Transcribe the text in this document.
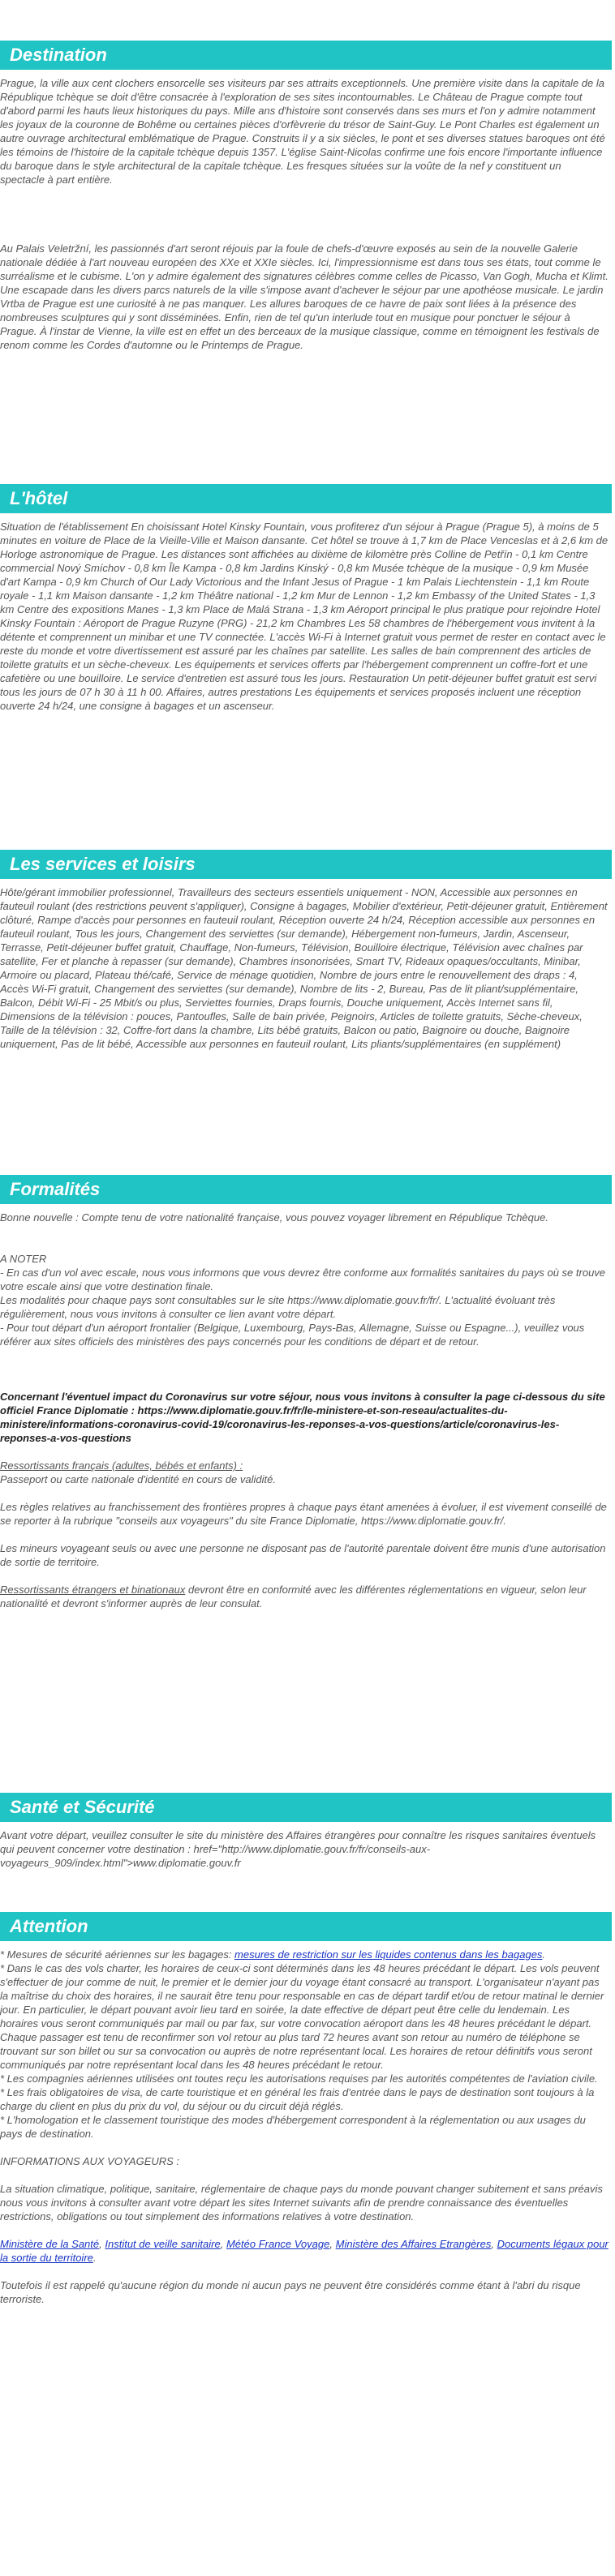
Destination

Prague, la ville aux cent clochers ensorcelle ses visiteurs par ses attraits exceptionnels. Une première visite dans la capitale de la République tchèque se doit d'être consacrée à l'exploration de ses sites incontournables. Le Château de Prague compte tout d'abord parmi les hauts lieux historiques du pays. Mille ans d'histoire sont conservés dans ses murs et l'on y admire notamment les joyaux de la couronne de Bohême ou certaines pièces d'orfèvrerie du trésor de Saint-Guy. Le Pont Charles est également un autre ouvrage architectural emblématique de Prague. Construits il y a six siècles, le pont et ses diverses statues baroques ont été les témoins de l'histoire de la capitale tchèque depuis 1357. L'église Saint-Nicolas confirme une fois encore l'importante influence du baroque dans le style architectural de la capitale tchèque. Les fresques situées sur la voûte de la nef y constituent un spectacle à part entière.

Au Palais Veletržní, les passionnés d'art seront réjouis par la foule de chefs-d'œuvre exposés au sein de la nouvelle Galerie nationale dédiée à l'art nouveau européen des XXe et XXIe siècles. Ici, l'impressionnisme est dans tous ses états, tout comme le surréalisme et le cubisme. L'on y admire également des signatures célèbres comme celles de Picasso, Van Gogh, Mucha et Klimt. Une escapade dans les divers parcs naturels de la ville s'impose avant d'achever le séjour par une apothéose musicale. Le jardin Vrtba de Prague est une curiosité à ne pas manquer. Les allures baroques de ce havre de paix sont liées à la présence des nombreuses sculptures qui y sont disséminées. Enfin, rien de tel qu'un interlude tout en musique pour ponctuer le séjour à Prague. À l'instar de Vienne, la ville est en effet un des berceaux de la musique classique, comme en témoignent les festivals de renom comme les Cordes d'automne ou le Printemps de Prague.

L'hôtel

Situation de l'établissement En choisissant Hotel Kinsky Fountain, vous profiterez d'un séjour à Prague (Prague 5), à moins de 5 minutes en voiture de Place de la Vieille-Ville et Maison dansante. Cet hôtel se trouve à 1,7 km de Place Venceslas et à 2,6 km de Horloge astronomique de Prague. Les distances sont affichées au dixième de kilomètre près Colline de Petřín - 0,1 km Centre commercial Nový Smíchov - 0,8 km Île Kampa - 0,8 km Jardins Kinský - 0,8 km Musée tchèque de la musique - 0,9 km Musée d'art Kampa - 0,9 km Church of Our Lady Victorious and the Infant Jesus of Prague - 1 km Palais Liechtenstein - 1,1 km Route royale - 1,1 km Maison dansante - 1,2 km Théâtre national - 1,2 km Mur de Lennon - 1,2 km Embassy of the United States - 1,3 km Centre des expositions Manes - 1,3 km Place de Malá Strana - 1,3 km Aéroport principal le plus pratique pour rejoindre Hotel Kinsky Fountain : Aéroport de Prague Ruzyne (PRG) - 21,2 km Chambres Les 58 chambres de l'hébergement vous invitent à la détente et comprennent un minibar et une TV connectée. L'accès Wi-Fi à Internet gratuit vous permet de rester en contact avec le reste du monde et votre divertissement est assuré par les chaînes par satellite. Les salles de bain comprennent des articles de toilette gratuits et un sèche-cheveux. Les équipements et services offerts par l'hébergement comprennent un coffre-fort et une cafetière ou une bouilloire. Le service d'entretien est assuré tous les jours. Restauration Un petit-déjeuner buffet gratuit est servi tous les jours de 07 h 30 à 11 h 00. Affaires, autres prestations Les équipements et services proposés incluent une réception ouverte 24 h/24, une consigne à bagages et un ascenseur.

Les services et loisirs

Hôte/gérant immobilier professionnel, Travailleurs des secteurs essentiels uniquement - NON, Accessible aux personnes en fauteuil roulant (des restrictions peuvent s'appliquer), Consigne à bagages, Mobilier d'extérieur, Petit-déjeuner gratuit, Entièrement clôturé, Rampe d'accès pour personnes en fauteuil roulant, Réception ouverte 24 h/24, Réception accessible aux personnes en fauteuil roulant, Tous les jours, Changement des serviettes (sur demande), Hébergement non-fumeurs, Jardin, Ascenseur, Terrasse, Petit-déjeuner buffet gratuit, Chauffage, Non-fumeurs, Télévision, Bouilloire électrique, Télévision avec chaînes par satellite, Fer et planche à repasser (sur demande), Chambres insonorisées, Smart TV, Rideaux opaques/occultants, Minibar, Armoire ou placard, Plateau thé/café, Service de ménage quotidien, Nombre de jours entre le renouvellement des draps : 4, Accès Wi-Fi gratuit, Changement des serviettes (sur demande), Nombre de lits - 2, Bureau, Pas de lit pliant/supplémentaire, Balcon, Débit Wi-Fi - 25 Mbit/s ou plus, Serviettes fournies, Draps fournis, Douche uniquement, Accès Internet sans fil, Dimensions de la télévision : pouces, Pantoufles, Salle de bain privée, Peignoirs, Articles de toilette gratuits, Sèche-cheveux, Taille de la télévision : 32, Coffre-fort dans la chambre, Lits bébé gratuits, Balcon ou patio, Baignoire ou douche, Baignoire uniquement, Pas de lit bébé, Accessible aux personnes en fauteuil roulant, Lits pliants/supplémentaires (en supplément)

Formalités

Bonne nouvelle : Compte tenu de votre nationalité française, vous pouvez voyager librement en République Tchèque.

A NOTER

- En cas d'un vol avec escale, nous vous informons que vous devrez être conforme aux formalités sanitaires du pays où se trouve votre escale ainsi que votre destination finale.

Les modalités pour chaque pays sont consultables sur le site https://www.diplomatie.gouv.fr/fr/. L'actualité évoluant très régulièrement, nous vous invitons à consulter ce lien avant votre départ.

- Pour tout départ d'un aéroport frontalier (Belgique, Luxembourg, Pays-Bas, Allemagne, Suisse ou Espagne...), veuillez vous référer aux sites officiels des ministères des pays concernés pour les conditions de départ et de retour.

Concernant l'éventuel impact du Coronavirus sur votre séjour, nous vous invitons à consulter la page ci-dessous du site officiel France Diplomatie : https://www.diplomatie.gouv.fr/fr/le-ministere-et-son-reseau/actualites-du-ministere/informations-coronavirus-covid-19/coronavirus-les-reponses-a-vos-questions/article/coronavirus-les-reponses-a-vos-questions

Ressortissants français (adultes, bébés et enfants) :

Passeport ou carte nationale d'identité en cours de validité.

Les règles relatives au franchissement des frontières propres à chaque pays étant amenées à évoluer, il est vivement conseillé de se reporter à la rubrique "conseils aux voyageurs" du site France Diplomatie, https://www.diplomatie.gouv.fr/.

Les mineurs voyageant seuls ou avec une personne ne disposant pas de l'autorité parentale doivent être munis d'une autorisation de sortie de territoire.

Ressortissants étrangers et binationaux devront être en conformité avec les différentes réglementations en vigueur, selon leur nationalité et devront s'informer auprès de leur consulat.

Santé et Sécurité

Avant votre départ, veuillez consulter le site du ministère des Affaires étrangères pour connaître les risques sanitaires éventuels qui peuvent concerner votre destination : href="http://www.diplomatie.gouv.fr/fr/conseils-aux-voyageurs_909/index.html">www.diplomatie.gouv.fr

Attention

* Mesures de sécurité aériennes sur les bagages: mesures de restriction sur les liquides contenus dans les bagages.

* Dans le cas des vols charter, les horaires de ceux-ci sont déterminés dans les 48 heures précédant le départ. Les vols peuvent s'effectuer de jour comme de nuit, le premier et le dernier jour du voyage étant consacré au transport. L'organisateur n'ayant pas la maîtrise du choix des horaires, il ne saurait être tenu pour responsable en cas de départ tardif et/ou de retour matinal le dernier jour. En particulier, le départ pouvant avoir lieu tard en soirée, la date effective de départ peut être celle du lendemain. Les horaires vous seront communiqués par mail ou par fax, sur votre convocation aéroport dans les 48 heures précédant le départ. Chaque passager est tenu de reconfirmer son vol retour au plus tard 72 heures avant son retour au numéro de téléphone se trouvant sur son billet ou sur sa convocation ou auprès de notre représentant local. Les horaires de retour définitifs vous seront communiqués par notre représentant local dans les 48 heures précédant le retour.

* Les compagnies aériennes utilisées ont toutes reçu les autorisations requises par les autorités compétentes de l'aviation civile.

* Les frais obligatoires de visa, de carte touristique et en général les frais d'entrée dans le pays de destination sont toujours à la charge du client en plus du prix du vol, du séjour ou du circuit déjà réglés.

* L'homologation et le classement touristique des modes d'hébergement correspondent à la réglementation ou aux usages du pays de destination.

INFORMATIONS AUX VOYAGEURS :

La situation climatique, politique, sanitaire, réglementaire de chaque pays du monde pouvant changer subitement et sans préavis nous vous invitons à consulter avant votre départ les sites Internet suivants afin de prendre connaissance des éventuelles restrictions, obligations ou tout simplement des informations relatives à votre destination.

Ministère de la Santé, Institut de veille sanitaire, Météo France Voyage, Ministère des Affaires Etrangères, Documents légaux pour la sortie du territoire.

Toutefois il est rappelé qu'aucune région du monde ni aucun pays ne peuvent être considérés comme étant à l'abri du risque terroriste.
